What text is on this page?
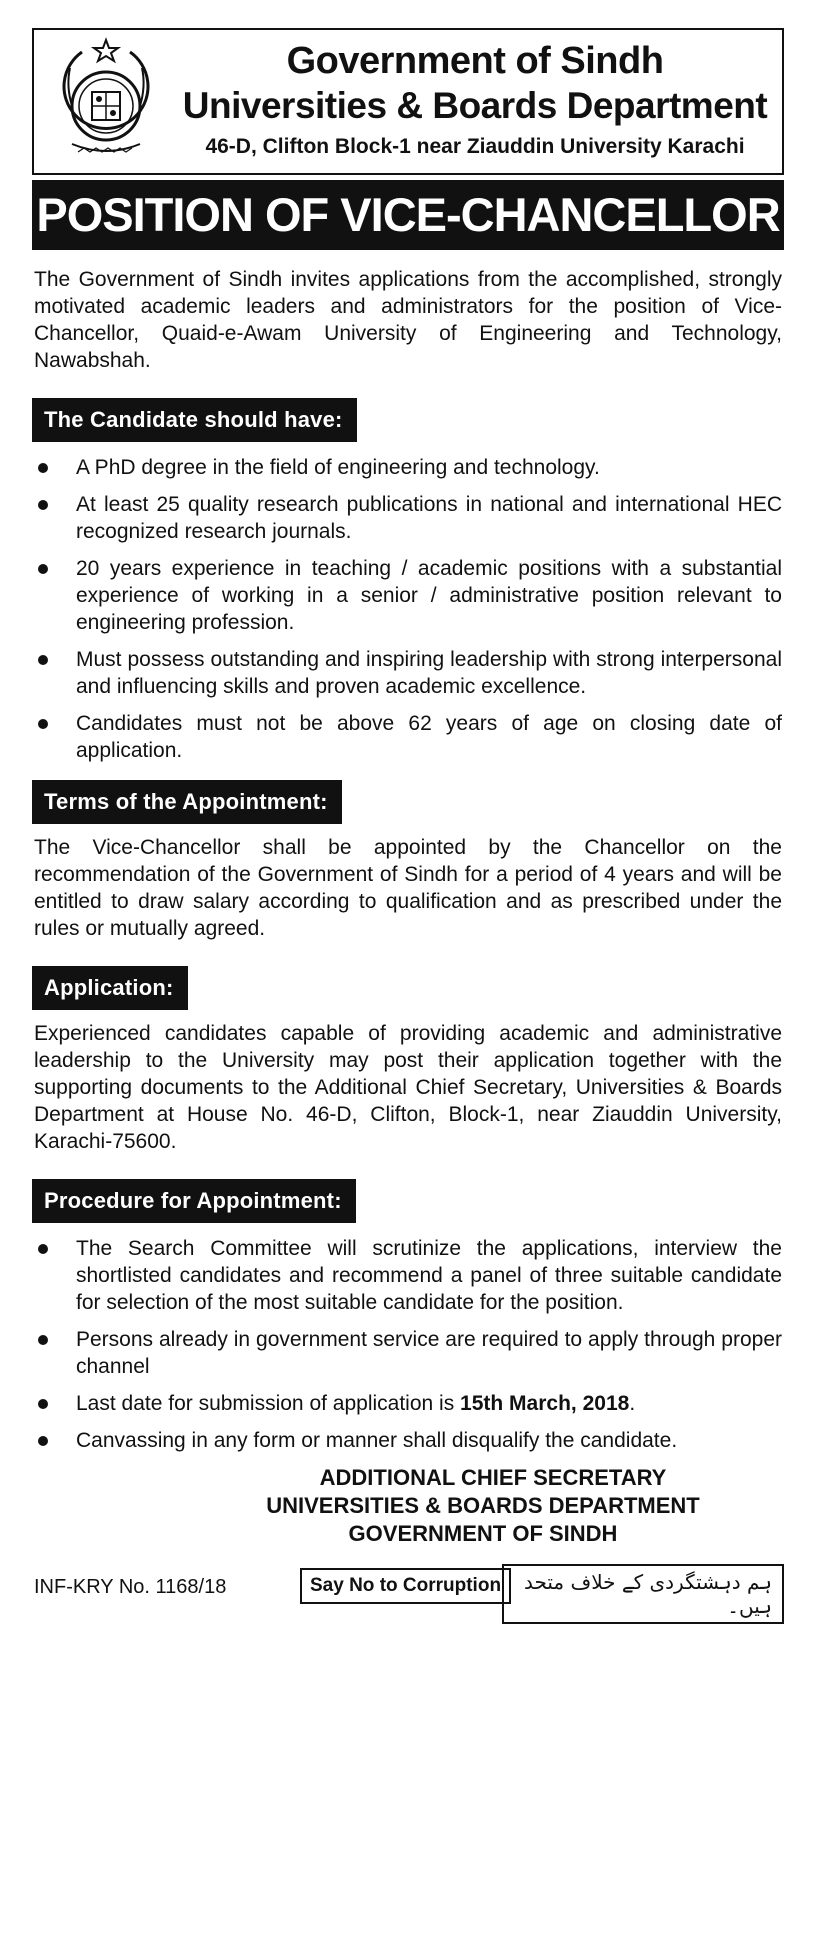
Government of Sindh
Universities & Boards Department
46-D, Clifton Block-1 near Ziauddin University Karachi
POSITION OF VICE-CHANCELLOR

The Government of Sindh invites applications from the accomplished, strongly motivated academic leaders and administrators for the position of Vice-Chancellor, Quaid-e-Awam University of Engineering and Technology, Nawabshah.

The Candidate should have:
A PhD degree in the field of engineering and technology.
At least 25 quality research publications in national and international HEC recognized research journals.
20 years experience in teaching / academic positions with a substantial experience of working in a senior / administrative position relevant to engineering profession.
Must possess outstanding and inspiring leadership with strong interpersonal and influencing skills and proven academic excellence.
Candidates must not be above 62 years of age on closing date of application.
Terms of the Appointment:

The Vice-Chancellor shall be appointed by the Chancellor on the recommendation of the Government of Sindh for a period of 4 years and will be entitled to draw salary according to qualification and as prescribed under the rules or mutually agreed.

Application:

Experienced candidates capable of providing academic and administrative leadership to the University may post their application together with the supporting documents to the Additional Chief Secretary, Universities & Boards Department at House No. 46-D, Clifton, Block-1, near Ziauddin University, Karachi-75600.

Procedure for Appointment:
The Search Committee will scrutinize the applications, interview the shortlisted candidates and recommend a panel of three suitable candidate for selection of the most suitable candidate for the position.
Persons already in government service are required to apply through proper channel
Last date for submission of application is 15th March, 2018.
Canvassing in any form or manner shall disqualify the candidate.
ADDITIONAL CHIEF SECRETARY
UNIVERSITIES & BOARDS DEPARTMENT
GOVERNMENT OF SINDH
INF-KRY No. 1168/18	Say No to Corruption	ہم دہشتگردی کے خلاف متحد ہیں۔
